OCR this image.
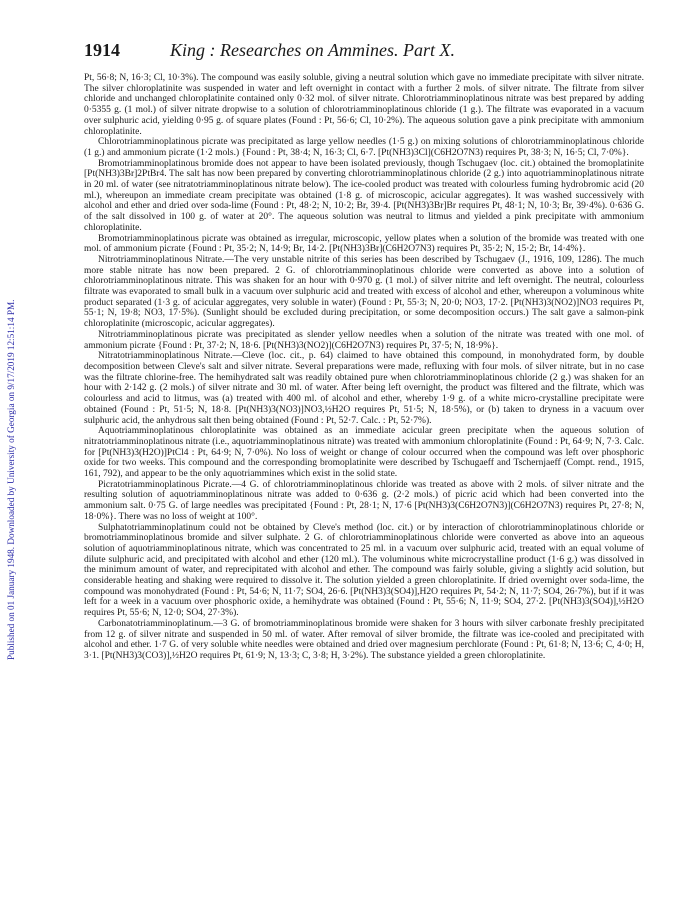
Published on 01 January 1948. Downloaded by University of Georgia on 9/17/2019 12:51:14 PM.
1914	King : Researches on Ammines. Part X.

Pt, 56·8; N, 16·3; Cl, 10·3%). The compound was easily soluble, giving a neutral solution which gave no immediate precipitate with silver nitrate. The silver chloroplatinite was suspended in water and left overnight in contact with a further 2 mols. of silver nitrate. The filtrate from silver chloride and unchanged chloroplatinite contained only 0·32 mol. of silver nitrate. Chlorotriamminoplatinous nitrate was best prepared by adding 0·5355 g. (1 mol.) of silver nitrate dropwise to a solution of chlorotriamminoplatinous chloride (1 g.). The filtrate was evaporated in a vacuum over sulphuric acid, yielding 0·95 g. of square plates (Found : Pt, 56·6; Cl, 10·2%). The aqueous solution gave a pink precipitate with ammonium chloroplatinite.

Chlorotriamminoplatinous picrate was precipitated as large yellow needles (1·5 g.) on mixing solutions of chlorotriamminoplatinous chloride (1 g.) and ammonium picrate (1·2 mols.) {Found : Pt, 38·4; N, 16·3; Cl, 6·7. [Pt(NH3)3Cl](C6H2O7N3) requires Pt, 38·3; N, 16·5; Cl, 7·0%}.

Bromotriamminoplatinous bromide does not appear to have been isolated previously, though Tschugaev (loc. cit.) obtained the bromoplatinite [Pt(NH3)3Br]2PtBr4. The salt has now been prepared by converting chlorotriamminoplatinous chloride (2 g.) into aquotriamminoplatinous nitrate in 20 ml. of water (see nitratotriamminoplatinous nitrate below). The ice-cooled product was treated with colourless fuming hydrobromic acid (20 ml.), whereupon an immediate cream precipitate was obtained (1·8 g. of microscopic, acicular aggregates). It was washed successively with alcohol and ether and dried over soda-lime (Found : Pt, 48·2; N, 10·2; Br, 39·4. [Pt(NH3)3Br]Br requires Pt, 48·1; N, 10·3; Br, 39·4%). 0·636 G. of the salt dissolved in 100 g. of water at 20°. The aqueous solution was neutral to litmus and yielded a pink precipitate with ammonium chloroplatinite.

Bromotriamminoplatinous picrate was obtained as irregular, microscopic, yellow plates when a solution of the bromide was treated with one mol. of ammonium picrate {Found : Pt, 35·2; N, 14·9; Br, 14·2. [Pt(NH3)3Br](C6H2O7N3) requires Pt, 35·2; N, 15·2; Br, 14·4%}.

Nitrotriamminoplatinous Nitrate.—The very unstable nitrite of this series has been described by Tschugaev (J., 1916, 109, 1286). The much more stable nitrate has now been prepared. 2 G. of chlorotriamminoplatinous chloride were converted as above into a solution of chlorotriamminoplatinous nitrate. This was shaken for an hour with 0·970 g. (1 mol.) of silver nitrite and left overnight. The neutral, colourless filtrate was evaporated to small bulk in a vacuum over sulphuric acid and treated with excess of alcohol and ether, whereupon a voluminous white product separated (1·3 g. of acicular aggregates, very soluble in water) (Found : Pt, 55·3; N, 20·0; NO3, 17·2. [Pt(NH3)3(NO2)]NO3 requires Pt, 55·1; N, 19·8; NO3, 17·5%). (Sunlight should be excluded during precipitation, or some decomposition occurs.) The salt gave a salmon-pink chloroplatinite (microscopic, acicular aggregates).

Nitrotriamminoplatinous picrate was precipitated as slender yellow needles when a solution of the nitrate was treated with one mol. of ammonium picrate {Found : Pt, 37·2; N, 18·6. [Pt(NH3)3(NO2)](C6H2O7N3) requires Pt, 37·5; N, 18·9%}.

Nitratotriamminoplatinous Nitrate.—Cleve (loc. cit., p. 64) claimed to have obtained this compound, in monohydrated form, by double decomposition between Cleve's salt and silver nitrate. Several preparations were made, refluxing with four mols. of silver nitrate, but in no case was the filtrate chlorine-free. The hemihydrated salt was readily obtained pure when chlorotriamminoplatinous chloride (2 g.) was shaken for an hour with 2·142 g. (2 mols.) of silver nitrate and 30 ml. of water. After being left overnight, the product was filtered and the filtrate, which was colourless and acid to litmus, was (a) treated with 400 ml. of alcohol and ether, whereby 1·9 g. of a white micro-crystalline precipitate were obtained (Found : Pt, 51·5; N, 18·8. [Pt(NH3)3(NO3)]NO3,½H2O requires Pt, 51·5; N, 18·5%), or (b) taken to dryness in a vacuum over sulphuric acid, the anhydrous salt then being obtained (Found : Pt, 52·7. Calc. : Pt, 52·7%).

Aquotriamminoplatinous chloroplatinite was obtained as an immediate acicular green precipitate when the aqueous solution of nitratotriamminoplatinous nitrate (i.e., aquotriamminoplatinous nitrate) was treated with ammonium chloroplatinite (Found : Pt, 64·9; N, 7·3. Calc. for [Pt(NH3)3(H2O)]PtCl4 : Pt, 64·9; N, 7·0%). No loss of weight or change of colour occurred when the compound was left over phosphoric oxide for two weeks. This compound and the corresponding bromoplatinite were described by Tschugaeff and Tschernjaeff (Compt. rend., 1915, 161, 792), and appear to be the only aquotriammines which exist in the solid state.

Picratotriamminoplatinous Picrate.—4 G. of chlorotriamminoplatinous chloride was treated as above with 2 mols. of silver nitrate and the resulting solution of aquotriamminoplatinous nitrate was added to 0·636 g. (2·2 mols.) of picric acid which had been converted into the ammonium salt. 0·75 G. of large needles was precipitated {Found : Pt, 28·1; N, 17·6 [Pt(NH3)3(C6H2O7N3)](C6H2O7N3) requires Pt, 27·8; N, 18·0%}. There was no loss of weight at 100°.

Sulphatotriamminoplatinum could not be obtained by Cleve's method (loc. cit.) or by interaction of chlorotriamminoplatinous chloride or bromotriamminoplatinous bromide and silver sulphate. 2 G. of chlorotriamminoplatinous chloride were converted as above into an aqueous solution of aquotriamminoplatinous nitrate, which was concentrated to 25 ml. in a vacuum over sulphuric acid, treated with an equal volume of dilute sulphuric acid, and precipitated with alcohol and ether (120 ml.). The voluminous white microcrystalline product (1·6 g.) was dissolved in the minimum amount of water, and reprecipitated with alcohol and ether. The compound was fairly soluble, giving a slightly acid solution, but considerable heating and shaking were required to dissolve it. The solution yielded a green chloroplatinite. If dried overnight over soda-lime, the compound was monohydrated (Found : Pt, 54·6; N, 11·7; SO4, 26·6. [Pt(NH3)3(SO4)],H2O requires Pt, 54·2; N, 11·7; SO4, 26·7%), but if it was left for a week in a vacuum over phosphoric oxide, a hemihydrate was obtained (Found : Pt, 55·6; N, 11·9; SO4, 27·2. [Pt(NH3)3(SO4)],½H2O requires Pt, 55·6; N, 12·0; SO4, 27·3%).

Carbonatotriamminoplatinum.—3 G. of bromotriamminoplatinous bromide were shaken for 3 hours with silver carbonate freshly precipitated from 12 g. of silver nitrate and suspended in 50 ml. of water. After removal of silver bromide, the filtrate was ice-cooled and precipitated with alcohol and ether. 1·7 G. of very soluble white needles were obtained and dried over magnesium perchlorate (Found : Pt, 61·8; N, 13·6; C, 4·0; H, 3·1. [Pt(NH3)3(CO3)],½H2O requires Pt, 61·9; N, 13·3; C, 3·8; H, 3·2%). The substance yielded a green chloroplatinite.
